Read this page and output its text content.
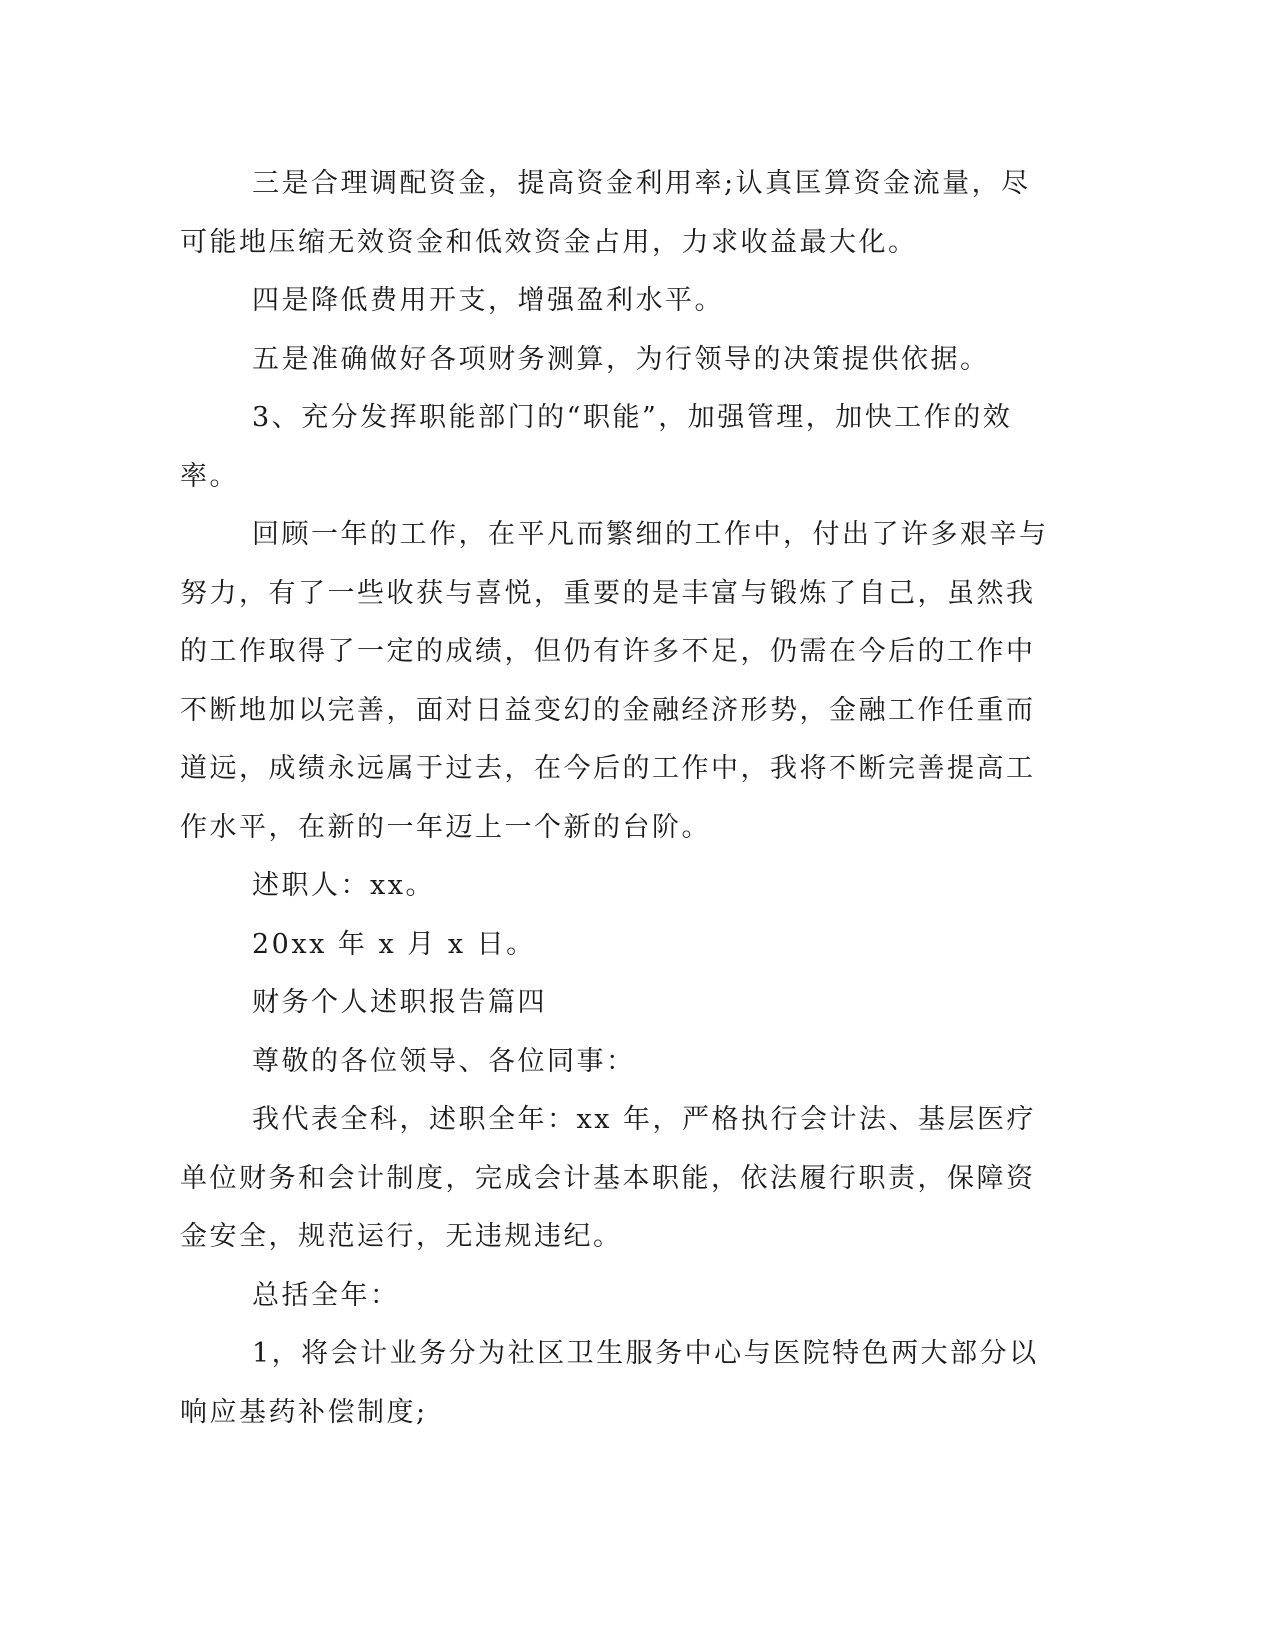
三是合理调配资金，提高资金利用率;认真匡算资金流量，尽可能地压缩无效资金和低效资金占用，力求收益最大化。

四是降低费用开支，增强盈利水平。

五是准确做好各项财务测算，为行领导的决策提供依据。

3、充分发挥职能部门的“职能”，加强管理，加快工作的效率。

回顾一年的工作，在平凡而繁细的工作中，付出了许多艰辛与努力，有了一些收获与喜悦，重要的是丰富与锻炼了自己，虽然我的工作取得了一定的成绩，但仍有许多不足，仍需在今后的工作中不断地加以完善，面对日益变幻的金融经济形势，金融工作任重而道远，成绩永远属于过去，在今后的工作中，我将不断完善提高工作水平，在新的一年迈上一个新的台阶。

述职人：xx。

20xx 年 x 月 x 日。

财务个人述职报告篇四

尊敬的各位领导、各位同事：

我代表全科，述职全年：xx 年，严格执行会计法、基层医疗单位财务和会计制度，完成会计基本职能，依法履行职责，保障资金安全，规范运行，无违规违纪。

总括全年：

1，将会计业务分为社区卫生服务中心与医院特色两大部分以响应基药补偿制度;
